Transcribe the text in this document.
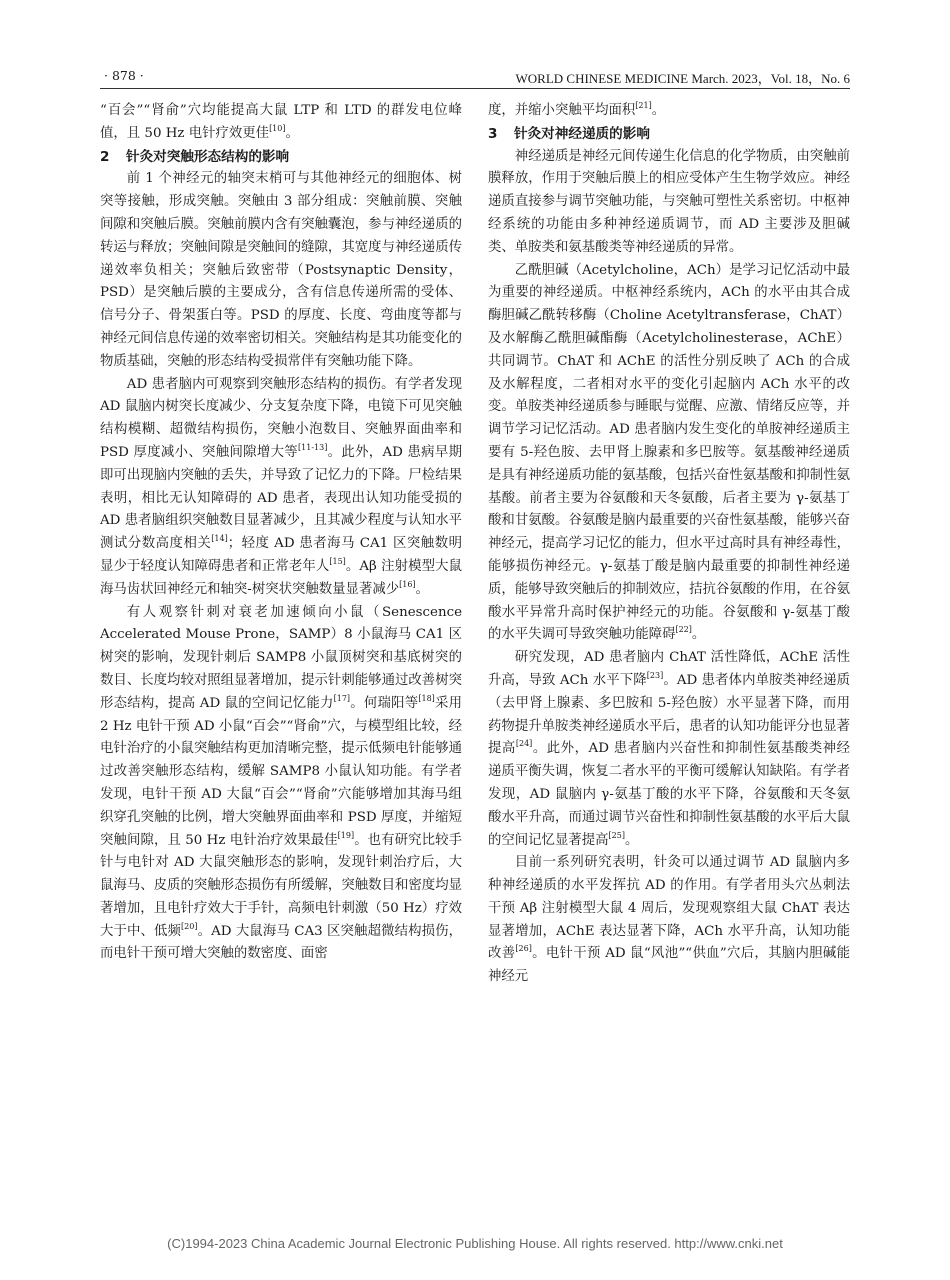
· 878 ·	WORLD CHINESE MEDICINE March. 2023，Vol. 18，No. 6

“百会”“肾俞”穴均能提高大鼠 LTP 和 LTD 的群发电位峰值，且 50 Hz 电针疗效更佳[10]。

2 针灸对突触形态结构的影响

前 1 个神经元的轴突末梢可与其他神经元的细胞体、树突等接触，形成突触。突触由 3 部分组成：突触前膜、突触间隙和突触后膜。突触前膜内含有突触囊泡，参与神经递质的转运与释放；突触间隙是突触间的缝隙，其宽度与神经递质传递效率负相关；突触后致密带（Postsynaptic Density，PSD）是突触后膜的主要成分，含有信息传递所需的受体、信号分子、骨架蛋白等。PSD 的厚度、长度、弯曲度等都与神经元间信息传递的效率密切相关。突触结构是其功能变化的物质基础，突触的形态结构受损常伴有突触功能下降。

AD 患者脑内可观察到突触形态结构的损伤。有学者发现 AD 鼠脑内树突长度减少、分支复杂度下降，电镜下可见突触结构模糊、超微结构损伤，突触小泡数目、突触界面曲率和 PSD 厚度减小、突触间隙增大等[11-13]。此外，AD 患病早期即可出现脑内突触的丢失，并导致了记忆力的下降。尸检结果表明，相比无认知障碍的 AD 患者，表现出认知功能受损的 AD 患者脑组织突触数目显著减少，且其减少程度与认知水平测试分数高度相关[14]；轻度 AD 患者海马 CA1 区突触数明显少于轻度认知障碍患者和正常老年人[15]。Aβ 注射模型大鼠海马齿状回神经元和轴突-树突状突触数量显著减少[16]。

有人观察针刺对衰老加速倾向小鼠（Senescence Accelerated Mouse Prone，SAMP）8 小鼠海马 CA1 区树突的影响，发现针刺后 SAMP8 小鼠顶树突和基底树突的数目、长度均较对照组显著增加，提示针刺能够通过改善树突形态结构，提高 AD 鼠的空间记忆能力[17]。何瑞阳等[18]采用 2 Hz 电针干预 AD 小鼠“百会”“肾俞”穴，与模型组比较，经电针治疗的小鼠突触结构更加清晰完整，提示低频电针能够通过改善突触形态结构，缓解 SAMP8 小鼠认知功能。有学者发现，电针干预 AD 大鼠“百会”“肾俞”穴能够增加其海马组织穿孔突触的比例，增大突触界面曲率和 PSD 厚度，并缩短突触间隙，且 50 Hz 电针治疗效果最佳[19]。也有研究比较手针与电针对 AD 大鼠突触形态的影响，发现针刺治疗后，大鼠海马、皮质的突触形态损伤有所缓解，突触数目和密度均显著增加，且电针疗效大于手针，高频电针刺激（50 Hz）疗效大于中、低频[20]。AD 大鼠海马 CA3 区突触超微结构损伤，而电针干预可增大突触的数密度、面密

度，并缩小突触平均面积[21]。

3 针灸对神经递质的影响

神经递质是神经元间传递生化信息的化学物质，由突触前膜释放，作用于突触后膜上的相应受体产生生物学效应。神经递质直接参与调节突触功能，与突触可塑性关系密切。中枢神经系统的功能由多种神经递质调节，而 AD 主要涉及胆碱类、单胺类和氨基酸类等神经递质的异常。

乙酰胆碱（Acetylcholine，ACh）是学习记忆活动中最为重要的神经递质。中枢神经系统内，ACh 的水平由其合成酶胆碱乙酰转移酶（Choline Acetyltransferase，ChAT）及水解酶乙酰胆碱酯酶（Acetylcholinesterase，AChE）共同调节。ChAT 和 AChE 的活性分别反映了 ACh 的合成及水解程度，二者相对水平的变化引起脑内 ACh 水平的改变。单胺类神经递质参与睡眠与觉醒、应激、情绪反应等，并调节学习记忆活动。AD 患者脑内发生变化的单胺神经递质主要有 5-羟色胺、去甲肾上腺素和多巴胺等。氨基酸神经递质是具有神经递质功能的氨基酸，包括兴奋性氨基酸和抑制性氨基酸。前者主要为谷氨酸和天冬氨酸，后者主要为 γ-氨基丁酸和甘氨酸。谷氨酸是脑内最重要的兴奋性氨基酸，能够兴奋神经元，提高学习记忆的能力，但水平过高时具有神经毒性，能够损伤神经元。γ-氨基丁酸是脑内最重要的抑制性神经递质，能够导致突触后的抑制效应，拮抗谷氨酸的作用，在谷氨酸水平异常升高时保护神经元的功能。谷氨酸和 γ-氨基丁酸的水平失调可导致突触功能障碍[22]。

研究发现，AD 患者脑内 ChAT 活性降低，AChE 活性升高，导致 ACh 水平下降[23]。AD 患者体内单胺类神经递质（去甲肾上腺素、多巴胺和 5-羟色胺）水平显著下降，而用药物提升单胺类神经递质水平后，患者的认知功能评分也显著提高[24]。此外，AD 患者脑内兴奋性和抑制性氨基酸类神经递质平衡失调，恢复二者水平的平衡可缓解认知缺陷。有学者发现，AD 鼠脑内 γ-氨基丁酸的水平下降，谷氨酸和天冬氨酸水平升高，而通过调节兴奋性和抑制性氨基酸的水平后大鼠的空间记忆显著提高[25]。

目前一系列研究表明，针灸可以通过调节 AD 鼠脑内多种神经递质的水平发挥抗 AD 的作用。有学者用头穴丛刺法干预 Aβ 注射模型大鼠 4 周后，发现观察组大鼠 ChAT 表达显著增加，AChE 表达显著下降，ACh 水平升高，认知功能改善[26]。电针干预 AD 鼠“风池”“供血”穴后，其脑内胆碱能神经元

(C)1994-2023 China Academic Journal Electronic Publishing House. All rights reserved. http://www.cnki.net
